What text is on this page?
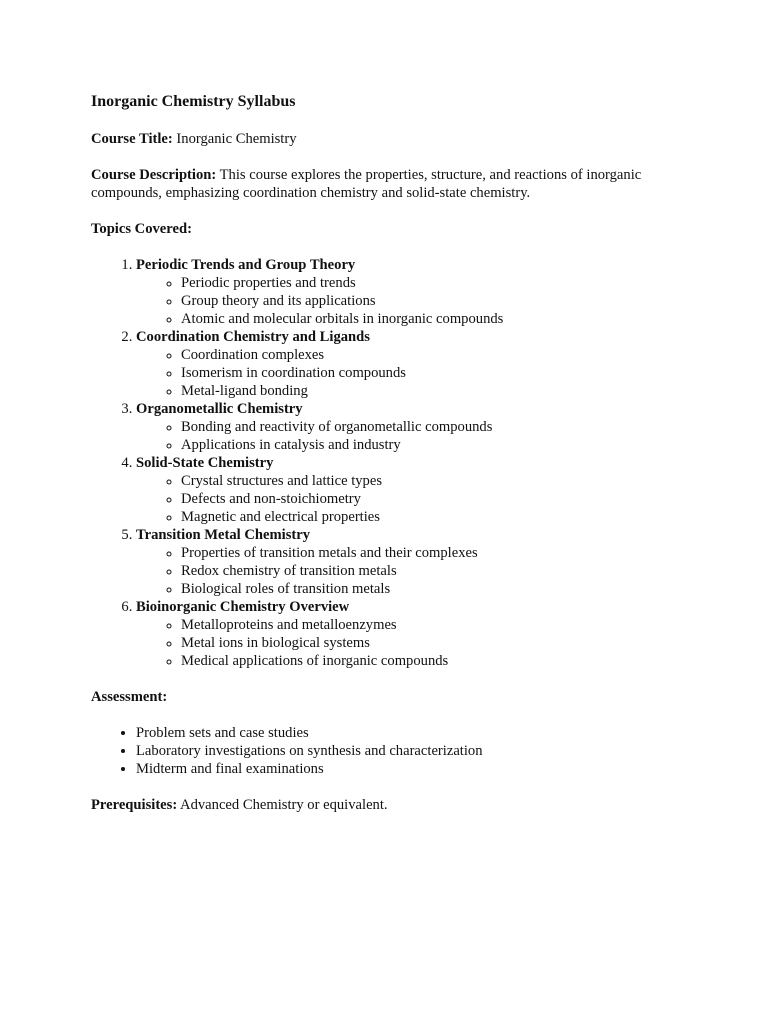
Inorganic Chemistry Syllabus

Course Title: Inorganic Chemistry

Course Description: This course explores the properties, structure, and reactions of inorganic compounds, emphasizing coordination chemistry and solid-state chemistry.

Topics Covered:

1. Periodic Trends and Group Theory
◦ Periodic properties and trends
◦ Group theory and its applications
◦ Atomic and molecular orbitals in inorganic compounds
2. Coordination Chemistry and Ligands
◦ Coordination complexes
◦ Isomerism in coordination compounds
◦ Metal-ligand bonding
3. Organometallic Chemistry
◦ Bonding and reactivity of organometallic compounds
◦ Applications in catalysis and industry
4. Solid-State Chemistry
◦ Crystal structures and lattice types
◦ Defects and non-stoichiometry
◦ Magnetic and electrical properties
5. Transition Metal Chemistry
◦ Properties of transition metals and their complexes
◦ Redox chemistry of transition metals
◦ Biological roles of transition metals
6. Bioinorganic Chemistry Overview
◦ Metalloproteins and metalloenzymes
◦ Metal ions in biological systems
◦ Medical applications of inorganic compounds

Assessment:

• Problem sets and case studies
• Laboratory investigations on synthesis and characterization
• Midterm and final examinations

Prerequisites: Advanced Chemistry or equivalent.
